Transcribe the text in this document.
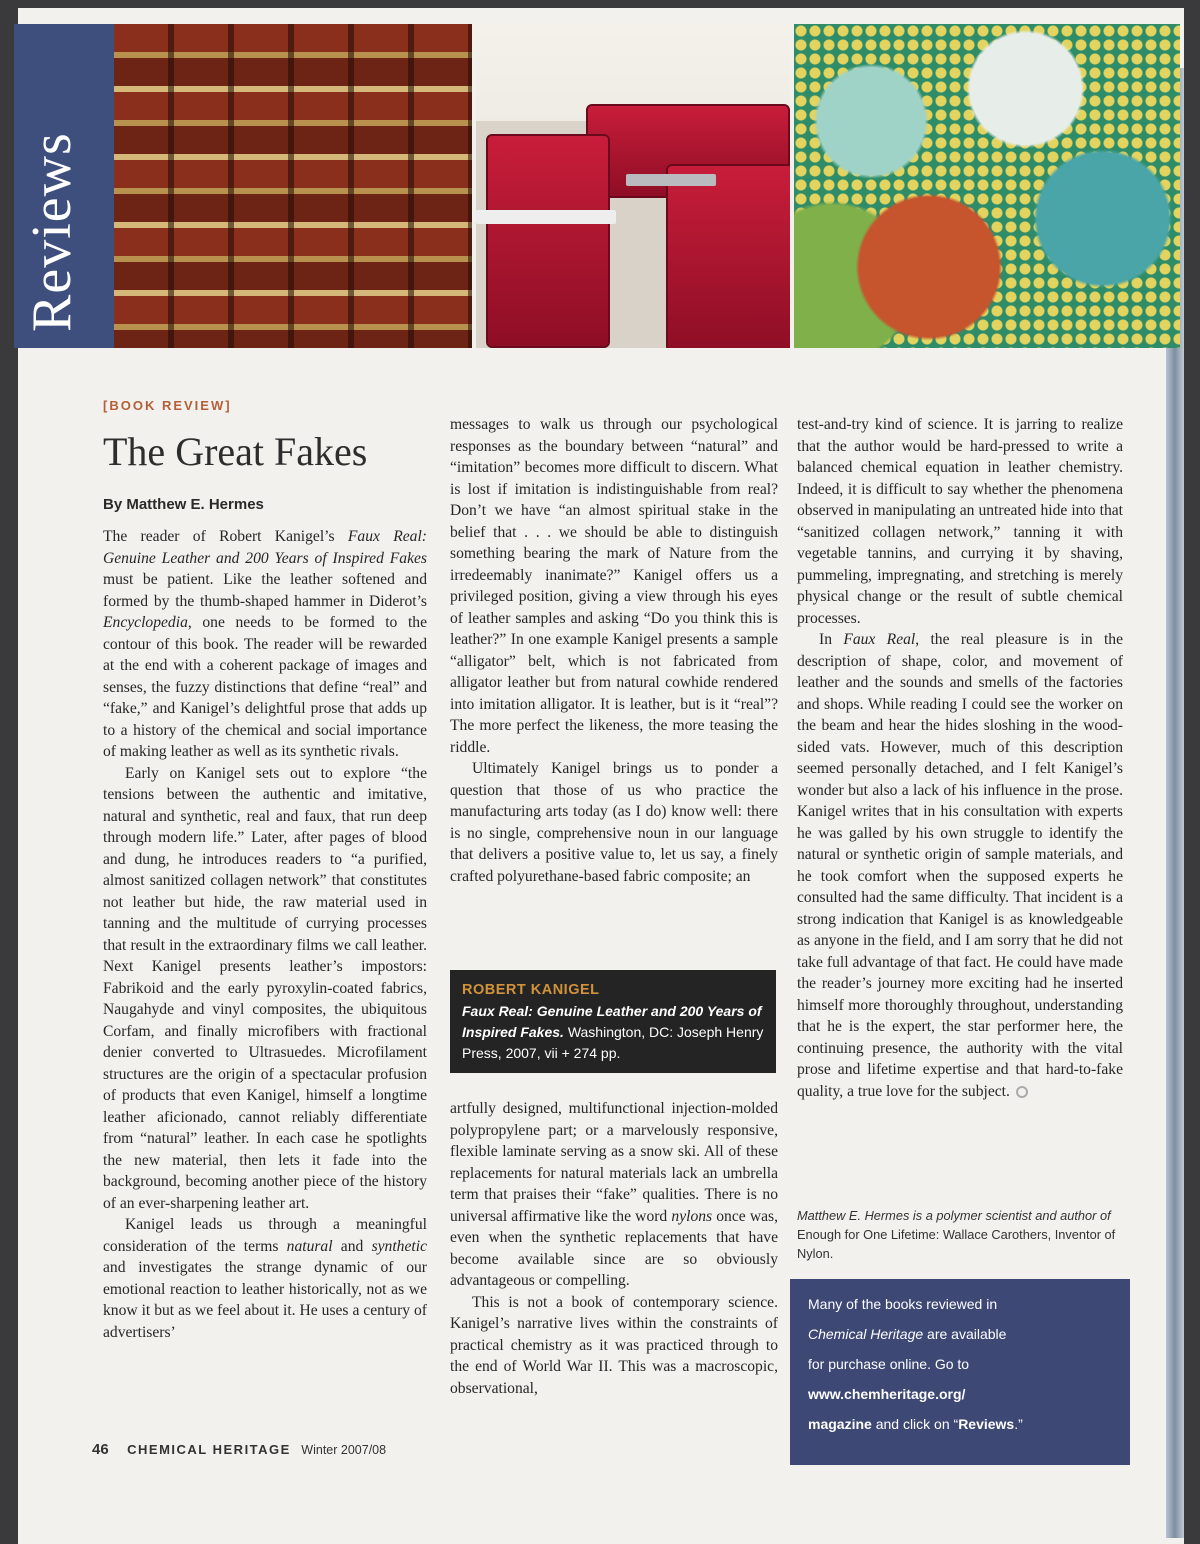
Reviews
[BOOK REVIEW]
The Great Fakes
By Matthew E. Hermes

The reader of Robert Kanigel’s Faux Real: Genuine Leather and 200 Years of Inspired Fakes must be patient. Like the leather softened and formed by the thumb-shaped hammer in Diderot’s Encyclopedia, one needs to be formed to the contour of this book. The reader will be rewarded at the end with a coherent package of images and senses, the fuzzy distinctions that define “real” and “fake,” and Kanigel’s delightful prose that adds up to a history of the chemical and social importance of making leather as well as its synthetic rivals.

Early on Kanigel sets out to explore “the tensions between the authentic and imitative, natural and synthetic, real and faux, that run deep through modern life.” Later, after pages of blood and dung, he introduces readers to “a purified, almost sanitized collagen network” that constitutes not leather but hide, the raw material used in tanning and the multitude of currying processes that result in the extraordinary films we call leather. Next Kanigel presents leather’s impostors: Fabrikoid and the early pyroxylin-coated fabrics, Naugahyde and vinyl composites, the ubiquitous Corfam, and finally microfibers with fractional denier converted to Ultrasuedes. Microfilament structures are the origin of a spectacular profusion of products that even Kanigel, himself a longtime leather aficionado, cannot reliably differentiate from “natural” leather. In each case he spotlights the new material, then lets it fade into the background, becoming another piece of the history of an ever-sharpening leather art.

Kanigel leads us through a meaningful consideration of the terms natural and synthetic and investigates the strange dynamic of our emotional reaction to leather historically, not as we know it but as we feel about it. He uses a century of advertisers’

messages to walk us through our psychological responses as the boundary between “natural” and “imitation” becomes more difficult to discern. What is lost if imitation is indistinguishable from real? Don’t we have “an almost spiritual stake in the belief that . . . we should be able to distinguish something bearing the mark of Nature from the irredeemably inanimate?” Kanigel offers us a privileged position, giving a view through his eyes of leather samples and asking “Do you think this is leather?” In one example Kanigel presents a sample “alligator” belt, which is not fabricated from alligator leather but from natural cowhide rendered into imitation alligator. It is leather, but is it “real”? The more perfect the likeness, the more teasing the riddle.

Ultimately Kanigel brings us to ponder a question that those of us who practice the manufacturing arts today (as I do) know well: there is no single, comprehensive noun in our language that delivers a positive value to, let us say, a finely crafted polyurethane-based fabric composite; an

ROBERT KANIGEL
Faux Real: Genuine Leather and 200 Years of Inspired Fakes. Washington, DC: Joseph Henry Press, 2007, vii + 274 pp.

artfully designed, multifunctional injection-molded polypropylene part; or a marvelously responsive, flexible laminate serving as a snow ski. All of these replacements for natural materials lack an umbrella term that praises their “fake” qualities. There is no universal affirmative like the word nylons once was, even when the synthetic replacements that have become available since are so obviously advantageous or compelling.

This is not a book of contemporary science. Kanigel’s narrative lives within the constraints of practical chemistry as it was practiced through to the end of World War II. This was a macroscopic, observational,

test-and-try kind of science. It is jarring to realize that the author would be hard-pressed to write a balanced chemical equation in leather chemistry. Indeed, it is difficult to say whether the phenomena observed in manipulating an untreated hide into that “sanitized collagen network,” tanning it with vegetable tannins, and currying it by shaving, pummeling, impregnating, and stretching is merely physical change or the result of subtle chemical processes.

In Faux Real, the real pleasure is in the description of shape, color, and movement of leather and the sounds and smells of the factories and shops. While reading I could see the worker on the beam and hear the hides sloshing in the wood-sided vats. However, much of this description seemed personally detached, and I felt Kanigel’s wonder but also a lack of his influence in the prose. Kanigel writes that in his consultation with experts he was galled by his own struggle to identify the natural or synthetic origin of sample materials, and he took comfort when the supposed experts he consulted had the same difficulty. That incident is a strong indication that Kanigel is as knowledgeable as anyone in the field, and I am sorry that he did not take full advantage of that fact. He could have made the reader’s journey more exciting had he inserted himself more thoroughly throughout, understanding that he is the expert, the star performer here, the continuing presence, the authority with the vital prose and lifetime expertise and that hard-to-fake quality, a true love for the subject.

Matthew E. Hermes is a polymer scientist and author of Enough for One Lifetime: Wallace Carothers, Inventor of Nylon.
Many of the books reviewed in
Chemical Heritage are available
for purchase online. Go to
www.chemheritage.org/
magazine and click on “Reviews.”
46 CHEMICAL HERITAGE Winter 2007/08
